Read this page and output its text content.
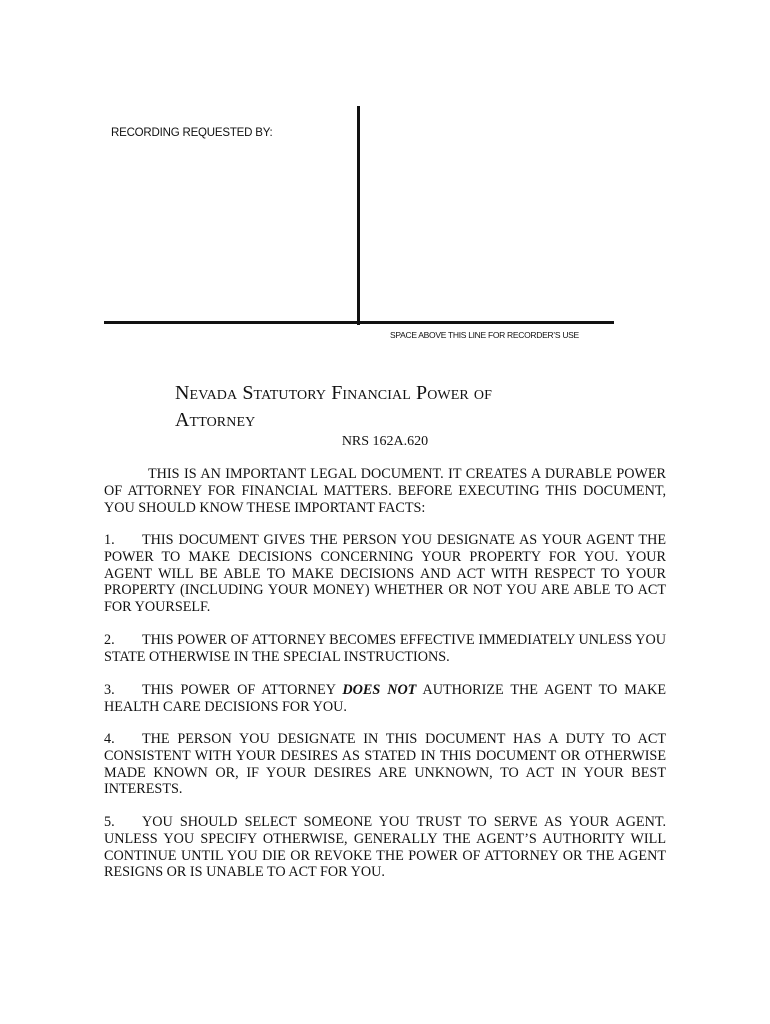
RECORDING REQUESTED BY:
SPACE ABOVE THIS LINE FOR RECORDER’S USE
Nevada Statutory Financial Power of
Attorney
NRS 162A.620
THIS IS AN IMPORTANT LEGAL DOCUMENT. IT CREATES A DURABLE POWER OF ATTORNEY FOR FINANCIAL MATTERS. BEFORE EXECUTING THIS DOCUMENT, YOU SHOULD KNOW THESE IMPORTANT FACTS:
1. THIS DOCUMENT GIVES THE PERSON YOU DESIGNATE AS YOUR AGENT THE POWER TO MAKE DECISIONS CONCERNING YOUR PROPERTY FOR YOU. YOUR AGENT WILL BE ABLE TO MAKE DECISIONS AND ACT WITH RESPECT TO YOUR PROPERTY (INCLUDING YOUR MONEY) WHETHER OR NOT YOU ARE ABLE TO ACT FOR YOURSELF.
2. THIS POWER OF ATTORNEY BECOMES EFFECTIVE IMMEDIATELY UNLESS YOU STATE OTHERWISE IN THE SPECIAL INSTRUCTIONS.
3. THIS POWER OF ATTORNEY DOES NOT AUTHORIZE THE AGENT TO MAKE HEALTH CARE DECISIONS FOR YOU.
4. THE PERSON YOU DESIGNATE IN THIS DOCUMENT HAS A DUTY TO ACT CONSISTENT WITH YOUR DESIRES AS STATED IN THIS DOCUMENT OR OTHERWISE MADE KNOWN OR, IF YOUR DESIRES ARE UNKNOWN, TO ACT IN YOUR BEST INTERESTS.
5. YOU SHOULD SELECT SOMEONE YOU TRUST TO SERVE AS YOUR AGENT. UNLESS YOU SPECIFY OTHERWISE, GENERALLY THE AGENT’S AUTHORITY WILL CONTINUE UNTIL YOU DIE OR REVOKE THE POWER OF ATTORNEY OR THE AGENT RESIGNS OR IS UNABLE TO ACT FOR YOU.
